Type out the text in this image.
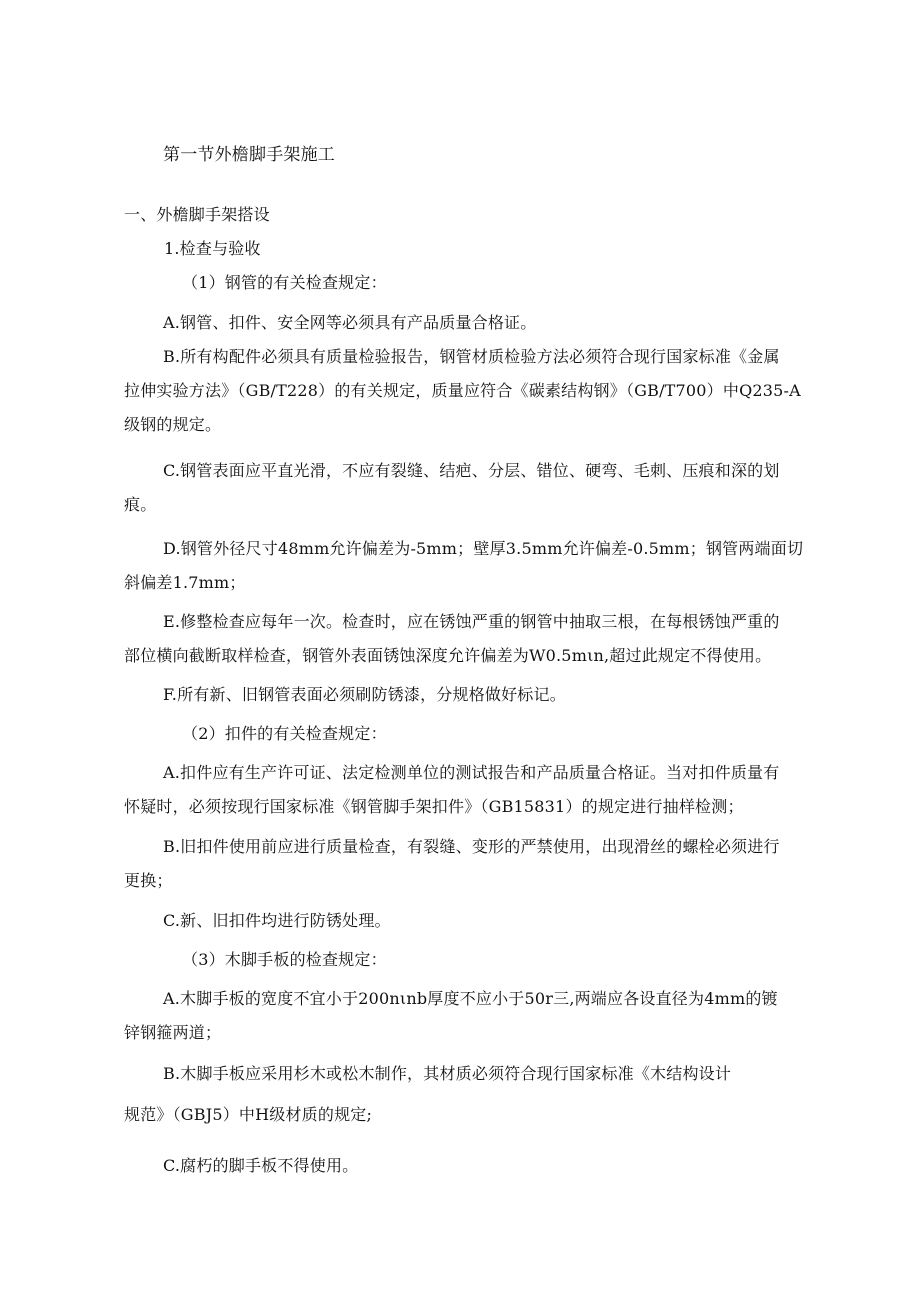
第一节外檐脚手架施工
一、外檐脚手架搭设
1.检查与验收
（1）钢管的有关检查规定：
A.钢管、扣件、安全网等必须具有产品质量合格证。
B.所有构配件必须具有质量检验报告，钢管材质检验方法必须符合现行国家标准《金属
拉伸实验方法》（GB/T228）的有关规定，质量应符合《碳素结构钢》（GB/T700）中Q235-A
级钢的规定。
C.钢管表面应平直光滑，不应有裂缝、结疤、分层、错位、硬弯、毛刺、压痕和深的划
痕。
D.钢管外径尺寸48mm允许偏差为-5mm；壁厚3.5mm允许偏差-0.5mm；钢管两端面切
斜偏差1.7mm；
E.修整检查应每年一次。检查时，应在锈蚀严重的钢管中抽取三根，在每根锈蚀严重的
部位横向截断取样检查，钢管外表面锈蚀深度允许偏差为W0.5mιn,超过此规定不得使用。
F.所有新、旧钢管表面必须刷防锈漆，分规格做好标记。
（2）扣件的有关检查规定：
A.扣件应有生产许可证、法定检测单位的测试报告和产品质量合格证。当对扣件质量有
怀疑时，必须按现行国家标准《钢管脚手架扣件》（GB15831）的规定进行抽样检测；
B.旧扣件使用前应进行质量检查，有裂缝、变形的严禁使用，出现滑丝的螺栓必须进行
更换；
C.新、旧扣件均进行防锈处理。
（3）木脚手板的检查规定：
A.木脚手板的宽度不宜小于200nιnb厚度不应小于50r三,两端应各设直径为4mm的镀
锌钢箍两道；
B.木脚手板应采用杉木或松木制作，其材质必须符合现行国家标准《木结构设计
规范》（GBJ5）中H级材质的规定;
C.腐朽的脚手板不得使用。
